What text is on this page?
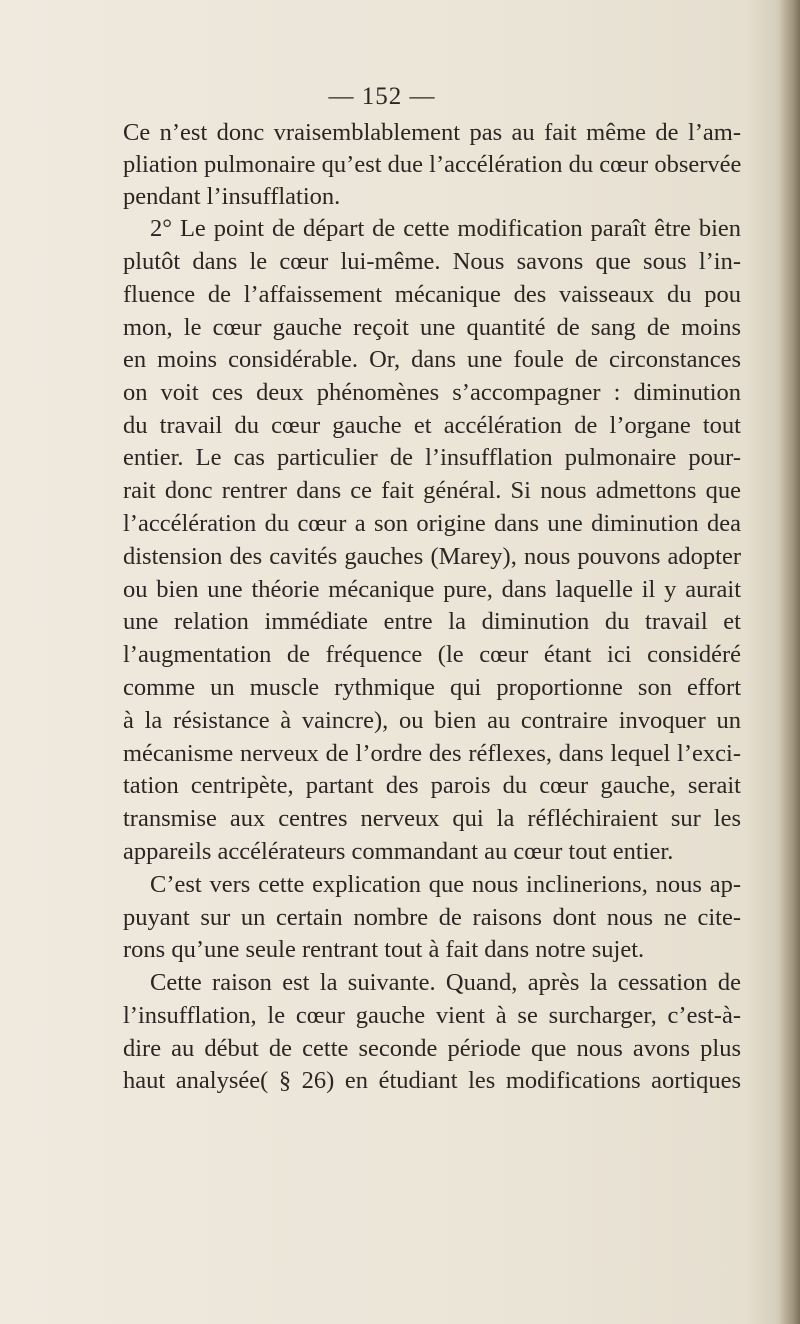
— 152 —
Ce n’est donc vraisemblablement pas au fait même de l’am-
pliation pulmonaire qu’est due l’accélération du cœur observée
pendant l’insufflation.
2° Le point de départ de cette modification paraît être bien
plutôt dans le cœur lui-même. Nous savons que sous l’in-
fluence de l’affaissement mécanique des vaisseaux du pou
mon, le cœur gauche reçoit une quantité de sang de moins
en moins considérable. Or, dans une foule de circonstances
on voit ces deux phénomènes s’accompagner : diminution
du travail du cœur gauche et accélération de l’organe tout
entier. Le cas particulier de l’insufflation pulmonaire pour-
rait donc rentrer dans ce fait général. Si nous admettons que
l’accélération du cœur a son origine dans une diminution dea
distension des cavités gauches (Marey), nous pouvons adopter
ou bien une théorie mécanique pure, dans laquelle il y aurait
une relation immédiate entre la diminution du travail et
l’augmentation de fréquence (le cœur étant ici considéré
comme un muscle rythmique qui proportionne son effort
à la résistance à vaincre), ou bien au contraire invoquer un
mécanisme nerveux de l’ordre des réflexes, dans lequel l’exci-
tation centripète, partant des parois du cœur gauche, serait
transmise aux centres nerveux qui la réfléchiraient sur les
appareils accélérateurs commandant au cœur tout entier.
C’est vers cette explication que nous inclinerions, nous ap-
puyant sur un certain nombre de raisons dont nous ne cite-
rons qu’une seule rentrant tout à fait dans notre sujet.
Cette raison est la suivante. Quand, après la cessation de
l’insufflation, le cœur gauche vient à se surcharger, c’est-à-
dire au début de cette seconde période que nous avons plus
haut analysée( § 26) en étudiant les modifications aortiques
